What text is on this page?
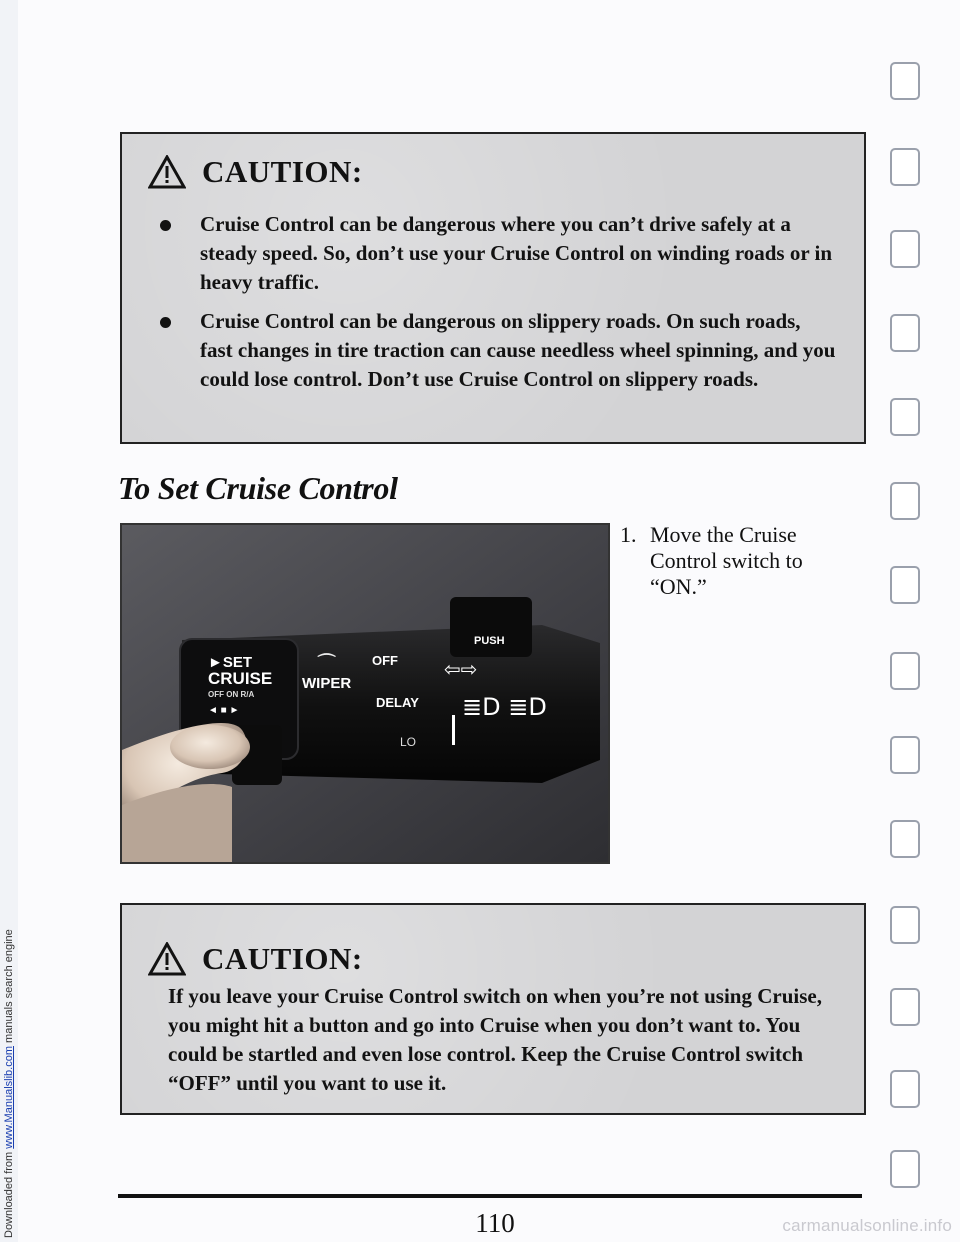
Downloaded from www.Manualslib.com manuals search engine
CAUTION:
Cruise Control can be dangerous where you can’t drive safely at a steady speed. So, don’t use your Cruise Control on winding roads or in heavy traffic.
Cruise Control can be dangerous on slippery roads. On such roads, fast changes in tire traction can cause needless wheel spinning, and you could lose control. Don’t use Cruise Control on slippery roads.
To Set Cruise Control
►SET
CRUISE
OFF ON R/A
◄ ■ ►
⌒
WIPER
OFF
DELAY
LO
PUSH
⇦⇨
≣D ≣D
1. Move the Cruise Control switch to “ON.”
CAUTION:
If you leave your Cruise Control switch on when you’re not using Cruise, you might hit a button and go into Cruise when you don’t want to. You could be startled and even lose control. Keep the Cruise Control switch “OFF” until you want to use it.
110	carmanualsonline.info
